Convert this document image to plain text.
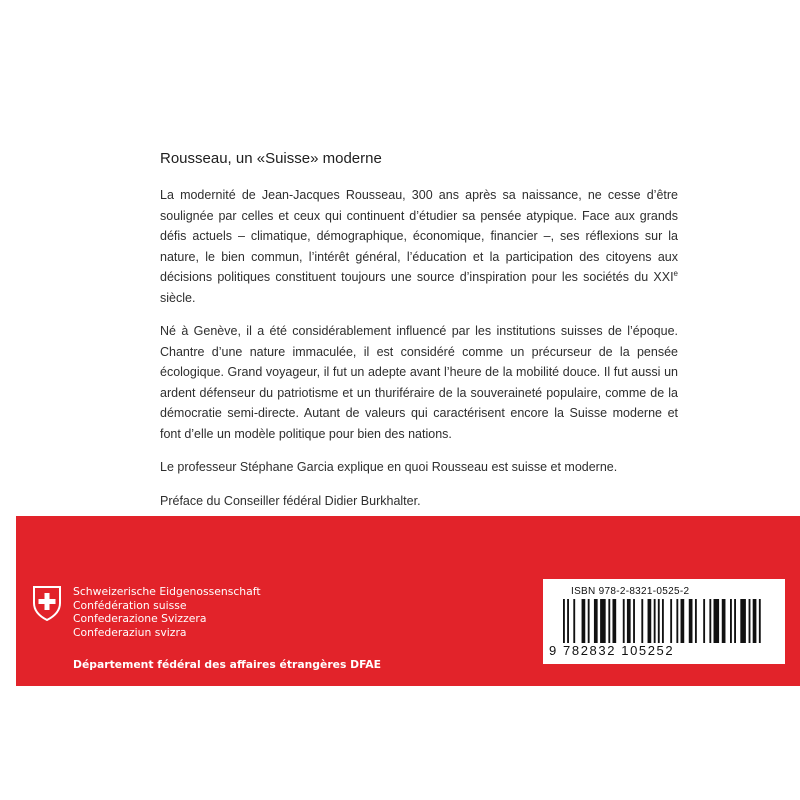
Rousseau, un «Suisse» moderne

La modernité de Jean-Jacques Rousseau, 300 ans après sa naissance, ne cesse d’être soulignée par celles et ceux qui continuent d’étudier sa pensée atypique. Face aux grands défis actuels – climatique, démographique, économique, financier –, ses réflexions sur la nature, le bien commun, l’intérêt général, l’éducation et la participation des citoyens aux décisions politiques constituent toujours une source d’inspiration pour les sociétés du XXIe siècle.

Né à Genève, il a été considérablement influencé par les institutions suisses de l’époque. Chantre d’une nature immaculée, il est considéré comme un précurseur de la pensée écologique. Grand voyageur, il fut un adepte avant l’heure de la mobilité douce. Il fut aussi un ardent défenseur du patriotisme et un thuriféraire de la souveraineté populaire, comme de la démocratie semi-directe. Autant de valeurs qui caractérisent encore la Suisse moderne et font d’elle un modèle politique pour bien des nations.

Le professeur Stéphane Garcia explique en quoi Rousseau est suisse et moderne.

Préface du Conseiller fédéral Didier Burkhalter.

Schweizerische Eidgenossenschaft
Confédération suisse
Confederazione Svizzera
Confederaziun svizra
Département fédéral des affaires étrangères DFAE
ISBN 978-2-8321-0525-2
9 782832 105252
